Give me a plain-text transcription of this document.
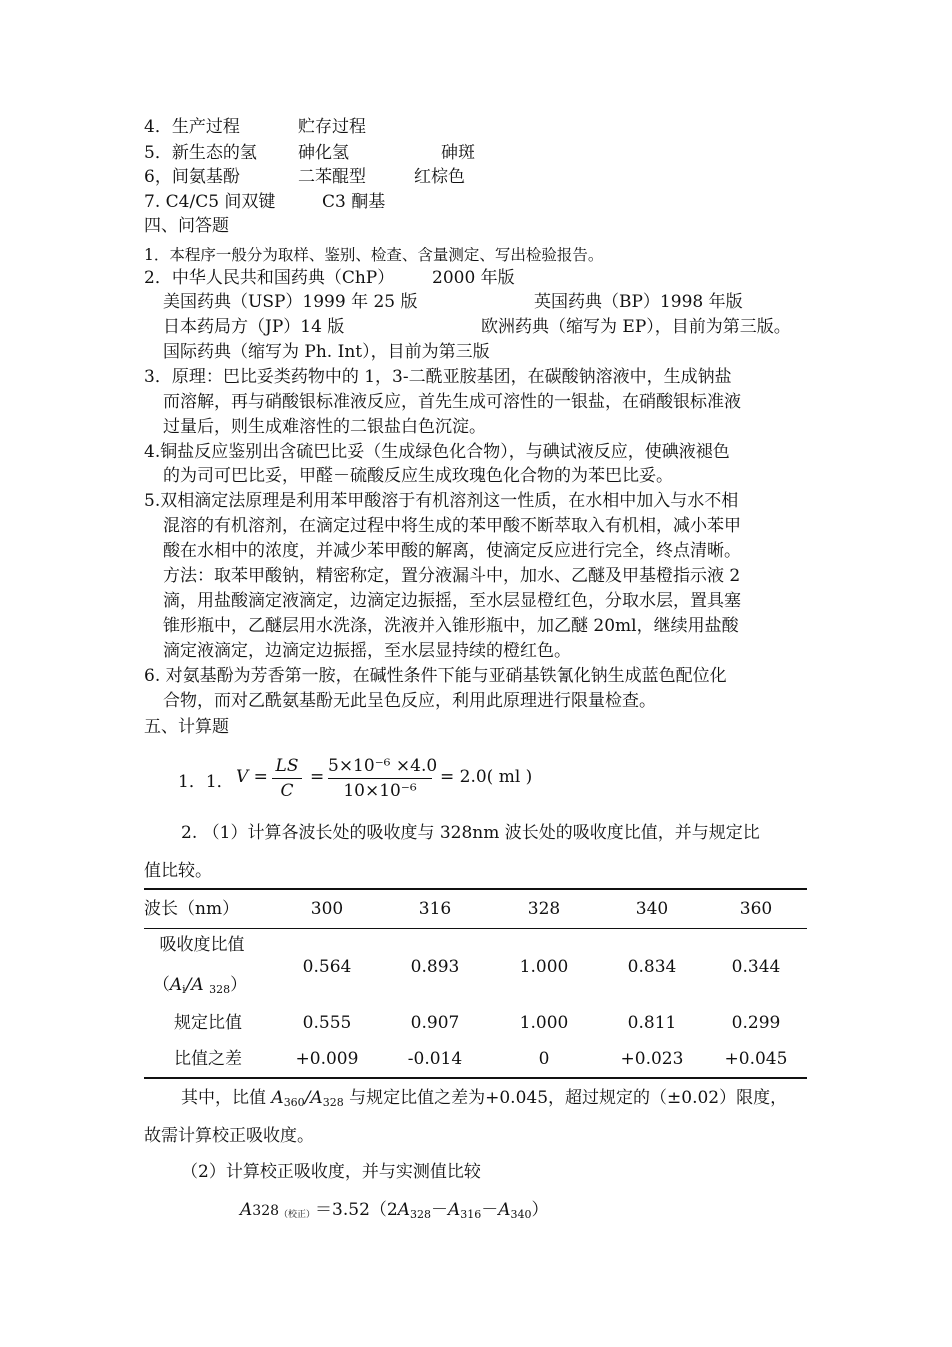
4．生产过程	贮存过程
5．新生态的氢 砷化氢	砷斑
6，间氨基酚	二苯醌型	红棕色
7. C4/C5 间双键	C3 酮基
四、问答题
1．本程序一般分为取样、鉴别、检查、含量测定、写出检验报告。
2．中华人民共和国药典（ChP） 2000 年版
美国药典（USP）1999 年 25 版	英国药典（BP）1998 年版
日本药局方（JP）14 版	欧洲药典（缩写为 EP），目前为第三版。
国际药典（缩写为 Ph. Int），目前为第三版
3．原理：巴比妥类药物中的 1，3-二酰亚胺基团，在碳酸钠溶液中，生成钠盐
而溶解，再与硝酸银标准液反应，首先生成可溶性的一银盐，在硝酸银标准液
过量后，则生成难溶性的二银盐白色沉淀。
4.铜盐反应鉴别出含硫巴比妥（生成绿色化合物），与碘试液反应，使碘液褪色
的为司可巴比妥，甲醛－硫酸反应生成玫瑰色化合物的为苯巴比妥。
5.双相滴定法原理是利用苯甲酸溶于有机溶剂这一性质，在水相中加入与水不相
混溶的有机溶剂，在滴定过程中将生成的苯甲酸不断萃取入有机相，减小苯甲
酸在水相中的浓度，并减少苯甲酸的解离，使滴定反应进行完全，终点清晰。
方法：取苯甲酸钠，精密称定，置分液漏斗中，加水、乙醚及甲基橙指示液 2
滴，用盐酸滴定液滴定，边滴定边振摇，至水层显橙红色，分取水层，置具塞
锥形瓶中，乙醚层用水洗涤，洗液并入锥形瓶中，加乙醚 20ml，继续用盐酸
滴定液滴定，边滴定边振摇，至水层显持续的橙红色。
6. 对氨基酚为芳香第一胺，在碱性条件下能与亚硝基铁氰化钠生成蓝色配位化
合物，而对乙酰氨基酚无此呈色反应，利用此原理进行限量检查。
五、计算题
1．1． V =
LS
C
=
5×10⁻⁶ ×4.0
10×10⁻⁶
= 2.0( ml )
2. （1）计算各波长处的吸收度与 328nm 波长处的吸收度比值，并与规定比
值比较。
波长（nm）	300	316	328	340	360
吸收度比值
（$A_i/A$ $_{328}$）
0.564	0.893	1.000	0.834	0.344
规定比值	0.555	0.907	1.000	0.811	0.299
比值之差	+0.009	-0.014	0	+0.023	+0.045
其中，比值 $A_{360}/A_{328}$ 与规定比值之差为+0.045，超过规定的（±0.02）限度，
故需计算校正吸收度。
（2）计算校正吸收度，并与实测值比较
A328（校正）$=3.52(2A_{328}-A_{316}-A_{340})$
